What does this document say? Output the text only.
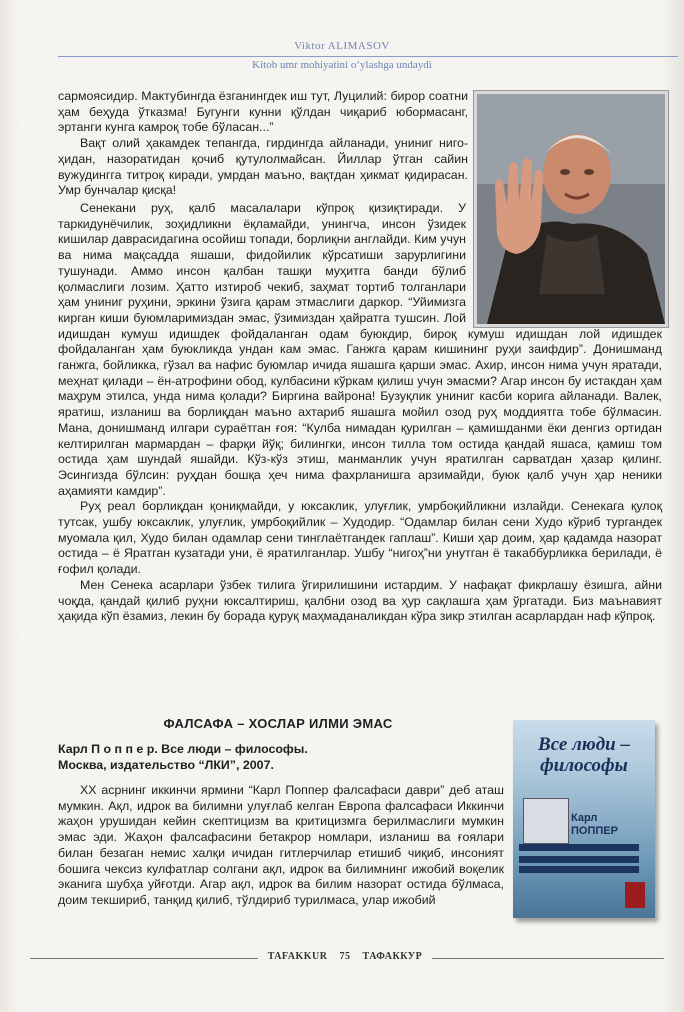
Viktor ALIMASOV
Kitob umr mohiyatini o‘ylashga undaydi

сармоясидир. Мактубингда ёзганингдек иш тут, Луцилий: бирор соатни ҳам беҳуда ўтказма! Бугунги кунни қўлдан чиқариб юбормасанг, эртанги кунга камроқ тобе бўласан...”

Вақт олий ҳакамдек тепангда, гирдингда айланади, униниг ниго-ҳидан, назоратидан қочиб қутулолмайсан. Йиллар ўтган сайин вужудингга титроқ киради, умрдан маъно, вақтдан ҳикмат қидирасан. Умр бунчалар қисқа!

Сенекани руҳ, қалб масалалари кўпроқ қизиқтиради. У таркидунёчилик, зоҳидликни ёқламайди, унингча, инсон ўзидек кишилар даврасидагина осойиш топади, борлиқни англайди. Ким учун ва нима мақсадда яшаши, фидойилик кўрсатиши зарурлигини тушунади. Аммо инсон қалбан ташқи муҳитга банди бўлиб қолмаслиги лозим. Ҳатто изтироб чекиб, заҳмат тортиб толганлари ҳам униниг руҳини, эркини ўзига қарам этмаслиги даркор. “Уйимизга кирган киши буюмларимиздан эмас, ўзимиздан ҳайратга тушсин. Лой идишдан кумуш идишдек фойдаланган одам буюкдир, бироқ кумуш идишдан лой идишдек фойдаланган ҳам буюкликда ундан кам эмас. Ганжга қарам кишининг руҳи заифдир”. Донишманд ганжга, бойликка, гўзал ва нафис буюмлар ичида яшашга қарши эмас. Ахир, инсон нима учун яратади, меҳнат қилади – ён-атрофини обод, кулбасини кўркам қилиш учун эмасми? Агар инсон бу истакдан ҳам маҳрум этилса, унда нима қолади? Биргина вайрона! Бузуқлик униниг касби корига айланади. Валек, яратиш, изланиш ва борлиқдан маъно ахтариб яшашга мойил озод руҳ моддиятга тобе бўлмасин. Мана, донишманд илгари сураётган ғоя: “Кулба нимадан қурилган – қамишданми ёки денгиз ортидан келтирилган мармардан – фарқи йўқ; билингки, инсон тилла том остида қандай яшаса, қамиш том остида ҳам шундай яшайди. Кўз-кўз этиш, манманлик учун яратилган сарватдан ҳазар қилинг. Эсингизда бўлсин: руҳдан бошқа ҳеч нима фахрланишга арзимайди, буюк қалб учун ҳар неники аҳамияти камдир”.

Руҳ реал борлиқдан қониқмайди, у юксаклик, улуғлик, умрбоқийликни излайди. Сенекага қулоқ тутсак, ушбу юксаклик, улуғлик, умрбоқийлик – Худодир. “Одамлар билан сени Худо кўриб тургандек муомала қил, Худо билан одамлар сени тинглаётгандек гаплаш”. Киши ҳар доим, ҳар қадамда назорат остида – ё Яратган кузатади уни, ё яратилганлар. Ушбу “нигоҳ”ни унутган ё такаббурликка берилади, ё ғофил қолади.

Мен Сенека асарлари ўзбек тилига ўгирилишини истардим. У нафақат фикрлашу ёзишга, айни чоқда, қандай қилиб руҳни юксалтириш, қалбни озод ва ҳур сақлашга ҳам ўргатади. Биз маънавият ҳақида кўп ёзамиз, лекин бу борада қуруқ маҳмаданаликдан кўра зикр этилган асарлардан наф кўпроқ.

ФАЛСАФА – ХОСЛАР ИЛМИ ЭМАС
Карл П о п п е р. Все люди – философы.
Москва, издательство “ЛКИ”, 2007.

XX асрнинг иккинчи ярмини “Карл Поппер фалсафаси даври” деб аташ мумкин. Ақл, идрок ва билимни улуғлаб келган Европа фалсафаси Иккинчи жаҳон урушидан кейин скептицизм ва критицизмга берилмаслиги мумкин эмас эди. Жаҳон фалсафасини бетакрор номлари, изланиш ва ғоялари билан безаган немис халқи ичидан гитлерчилар етишиб чиқиб, инсоният бошига чексиз кулфатлар солгани ақл, идрок ва билимнинг ижобий воқелик эканига шубҳа уйғотди. Агар ақл, идрок ва билим назорат остида бўлмаса, доим текшириб, танқид қилиб, тўлдириб турилмаса, улар ижобий

Все люди – философы
Карл
ПОППЕР
TAFAKKUR 75 ТАФАККУР
